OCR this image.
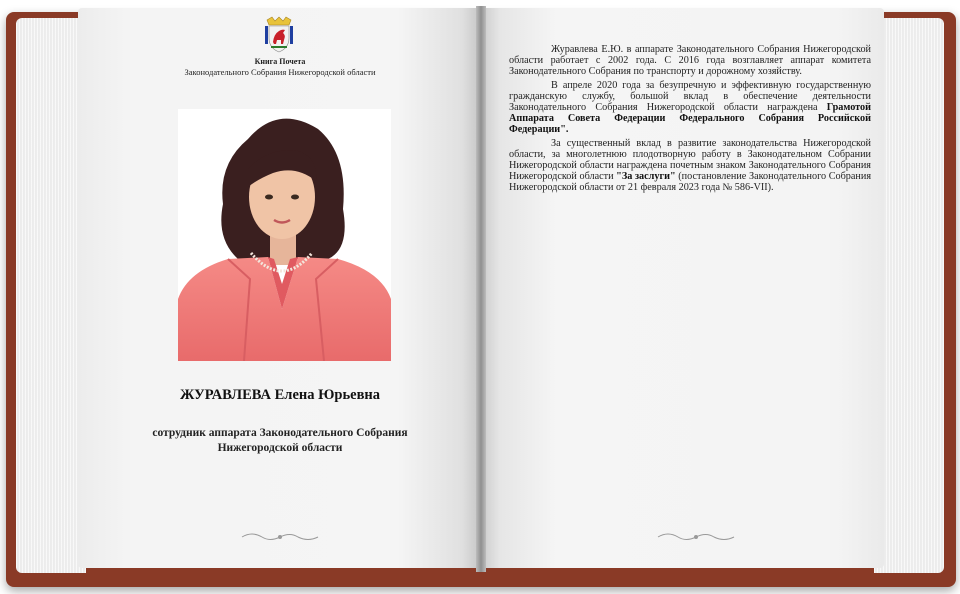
Книга Почета
Законодательного Собрания Нижегородской области
ЖУРАВЛЕВА Елена Юрьевна
сотрудник аппарата Законодательного Собрания
Нижегородской области

Журавлева Е.Ю. в аппарате Законодательного Собрания Нижегородской области работает с 2002 года. С 2016 года возглавляет аппарат комитета Законодательного Собрания по транспорту и дорожному хозяйству.

В апреле 2020 года за безупречную и эффективную государственную гражданскую службу, большой вклад в обеспечение деятельности Законодательного Собрания Нижегородской области награждена Грамотой Аппарата Совета Федерации Федерального Собрания Российской Федерации".

За существенный вклад в развитие законодательства Нижегородской области, за многолетнюю плодотворную работу в Законодательном Собрании Нижегородской области награждена почетным знаком Законодательного Собрания Нижегородской области "За заслуги" (постановление Законодательного Собрания Нижегородской области от 21 февраля 2023 года № 586-VII).
